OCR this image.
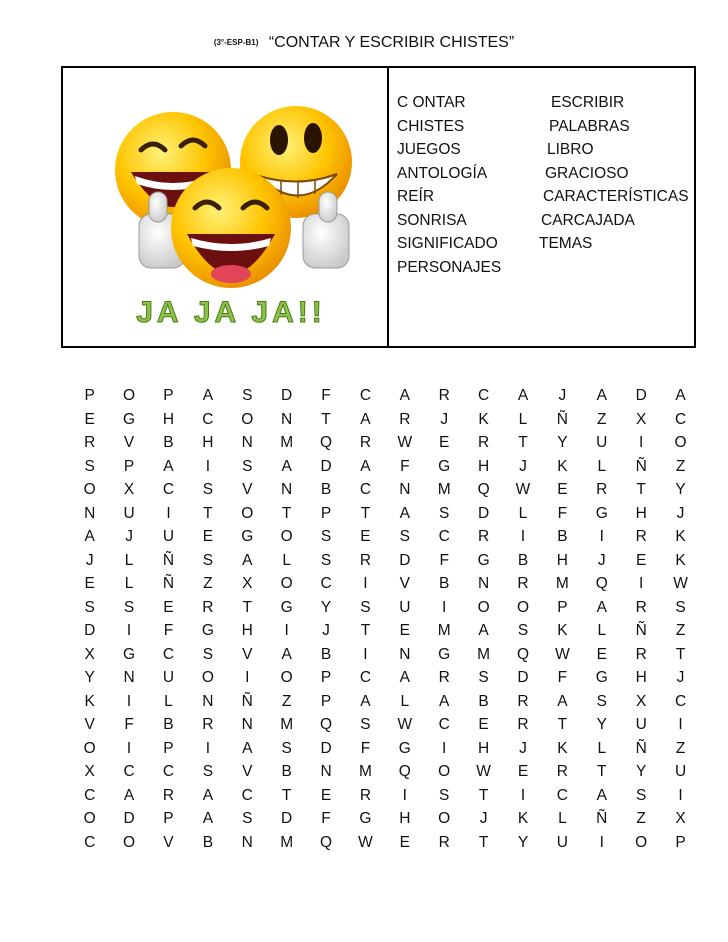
(3°-ESP-B1) “CONTAR Y ESCRIBIR CHISTES”
JA JA JA!!
C ONTAR	ESCRIBIR
CHISTES	PALABRAS
JUEGOS	LIBRO
ANTOLOGÍA	GRACIOSO
REÍR	CARACTERÍSTICAS
SONRISA	CARCAJADA
SIGNIFICADO	TEMAS
PERSONAJES
P	O	P	A	S	D	F	C	A	R	C	A	J	A	D	A
E	G	H	C	O	N	T	A	R	J	K	L	Ñ	Z	X	C
R	V	B	H	N	M	Q	R	W	E	R	T	Y	U	I	O
S	P	A	I	S	A	D	A	F	G	H	J	K	L	Ñ	Z
O	X	C	S	V	N	B	C	N	M	Q	W	E	R	T	Y
N	U	I	T	O	T	P	T	A	S	D	L	F	G	H	J
A	J	U	E	G	O	S	E	S	C	R	I	B	I	R	K
J	L	Ñ	S	A	L	S	R	D	F	G	B	H	J	E	K
E	L	Ñ	Z	X	O	C	I	V	B	N	R	M	Q	I	W
S	S	E	R	T	G	Y	S	U	I	O	O	P	A	R	S
D	I	F	G	H	I	J	T	E	M	A	S	K	L	Ñ	Z
X	G	C	S	V	A	B	I	N	G	M	Q	W	E	R	T
Y	N	U	O	I	O	P	C	A	R	S	D	F	G	H	J
K	I	L	N	Ñ	Z	P	A	L	A	B	R	A	S	X	C
V	F	B	R	N	M	Q	S	W	C	E	R	T	Y	U	I
O	I	P	I	A	S	D	F	G	I	H	J	K	L	Ñ	Z
X	C	C	S	V	B	N	M	Q	O	W	E	R	T	Y	U
C	A	R	A	C	T	E	R	I	S	T	I	C	A	S	I
O	D	P	A	S	D	F	G	H	O	J	K	L	Ñ	Z	X
C	O	V	B	N	M	Q	W	E	R	T	Y	U	I	O	P
